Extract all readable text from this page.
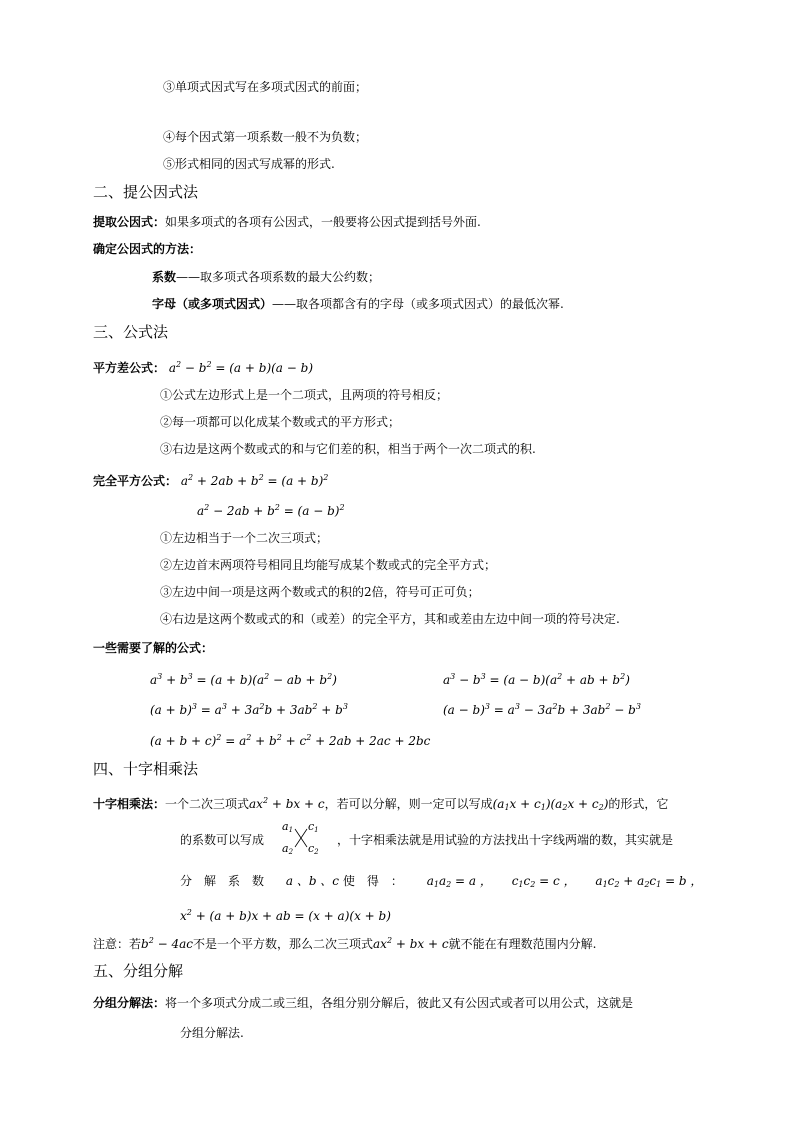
③单项式因式写在多项式因式的前面；
④每个因式第一项系数一般不为负数；
⑤形式相同的因式写成幂的形式.
二、提公因式法
提取公因式：如果多项式的各项有公因式，一般要将公因式提到括号外面.
确定公因式的方法：
系数——取多项式各项系数的最大公约数；
字母（或多项式因式）——取各项都含有的字母（或多项式因式）的最低次幂.
三、公式法
平方差公式： $a^2 - b^2 = (a + b)(a - b)$
①公式左边形式上是一个二项式，且两项的符号相反；
②每一项都可以化成某个数或式的平方形式；
③右边是这两个数或式的和与它们差的积，相当于两个一次二项式的积.
完全平方公式： $a^2 + 2ab + b^2 = (a + b)^2$
$a^2 - 2ab + b^2 = (a - b)^2$
①左边相当于一个二次三项式；
②左边首末两项符号相同且均能写成某个数或式的完全平方式；
③左边中间一项是这两个数或式的积的2倍，符号可正可负；
④右边是这两个数或式的和（或差）的完全平方，其和或差由左边中间一项的符号决定.
一些需要了解的公式：
$a^3 + b^3 = (a + b)(a^2$ − ab + $b^2$)	$a^3 - b^3 = (a - b)(a^2$ + ab + $b^2$)
$(a + b)^3 = a^3 + 3a^2b + 3ab^2 + b^3$	$(a - b)^3 = a^3 - 3a^2b + 3ab^2 - b^3$
$(a + b + c)^2 = a^2 + b^2 + c^2 + 2ab + 2ac + 2bc$
四、十字相乘法
十字相乘法：一个二次三项式$ax^2$ + bx + c，若可以分解，则一定可以写成$(a_1x + c_1)(a_2x + c_2)$的形式，它
的系数可以写成
$a_1$
$a_2$
$c_1$
$c_2$
，十字相乘法就是用试验的方法找出十字线两端的数，其实就是
分　解　系　数 a 、b 、c 使　得　： $a_1a_2 = a$ ， $c_1c_2 = c$ ， $a_1c_2 + a_2c_1 = b$ ，
$x^2 + (a + b)x$ + ab = (x + a)(x + b)
注意：若$b^2 - 4ac$不是一个平方数，那么二次三项式$ax^2$ + bx + c就不能在有理数范围内分解.
五、分组分解
分组分解法：将一个多项式分成二或三组，各组分别分解后，彼此又有公因式或者可以用公式，这就是
分组分解法.
